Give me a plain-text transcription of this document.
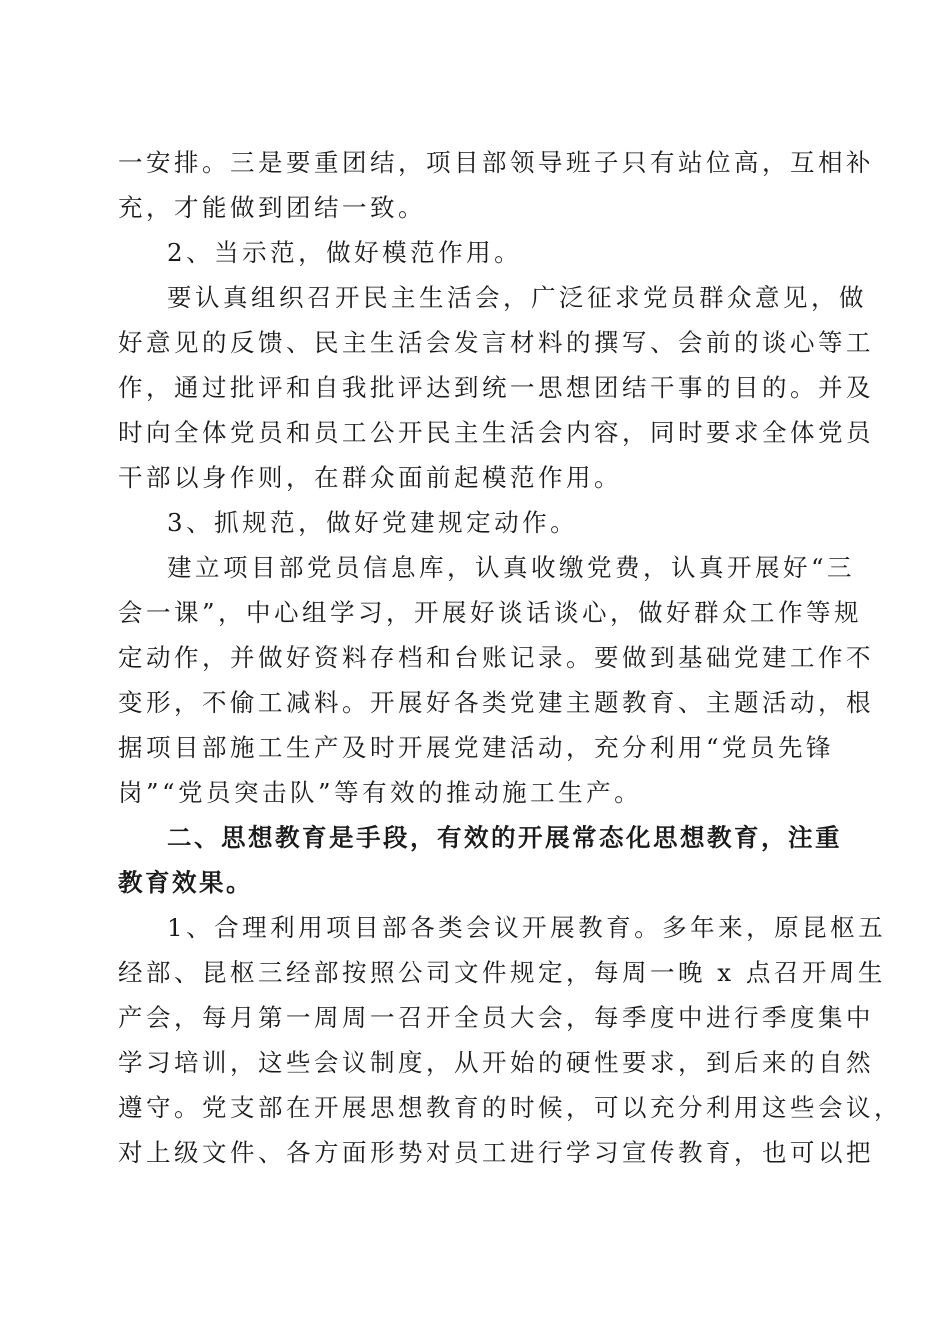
一安排。三是要重团结，项目部领导班子只有站位高，互相补
充，才能做到团结一致。
2、当示范，做好模范作用。
要认真组织召开民主生活会，广泛征求党员群众意见，做
好意见的反馈、民主生活会发言材料的撰写、会前的谈心等工
作，通过批评和自我批评达到统一思想团结干事的目的。并及
时向全体党员和员工公开民主生活会内容，同时要求全体党员
干部以身作则，在群众面前起模范作用。
3、抓规范，做好党建规定动作。
建立项目部党员信息库，认真收缴党费，认真开展好“三
会一课”，中心组学习，开展好谈话谈心，做好群众工作等规
定动作，并做好资料存档和台账记录。要做到基础党建工作不
变形，不偷工减料。开展好各类党建主题教育、主题活动，根
据项目部施工生产及时开展党建活动，充分利用“党员先锋
岗”“党员突击队”等有效的推动施工生产。
二、思想教育是手段，有效的开展常态化思想教育，注重
教育效果。
1、合理利用项目部各类会议开展教育。多年来，原昆枢五
经部、昆枢三经部按照公司文件规定，每周一晚 x 点召开周生
产会，每月第一周周一召开全员大会，每季度中进行季度集中
学习培训，这些会议制度，从开始的硬性要求，到后来的自然
遵守。党支部在开展思想教育的时候，可以充分利用这些会议，
对上级文件、各方面形势对员工进行学习宣传教育，也可以把
